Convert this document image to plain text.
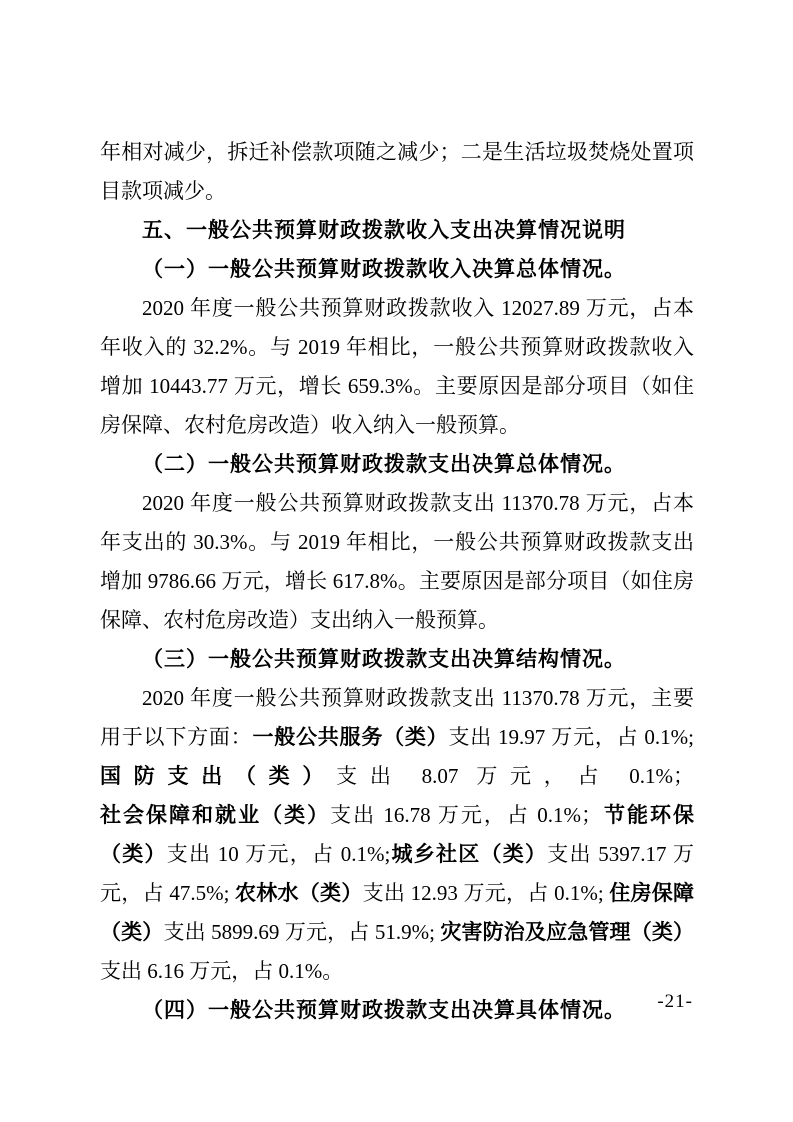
年相对减少，拆迁补偿款项随之减少；二是生活垃圾焚烧处置项目款项减少。

五、一般公共预算财政拨款收入支出决算情况说明

（一）一般公共预算财政拨款收入决算总体情况。

2020 年度一般公共预算财政拨款收入 12027.89 万元，占本年收入的 32.2%。与 2019 年相比，一般公共预算财政拨款收入增加 10443.77 万元，增长 659.3%。主要原因是部分项目（如住房保障、农村危房改造）收入纳入一般预算。

（二）一般公共预算财政拨款支出决算总体情况。

2020 年度一般公共预算财政拨款支出 11370.78 万元，占本年支出的 30.3%。与 2019 年相比，一般公共预算财政拨款支出增加 9786.66 万元，增长 617.8%。主要原因是部分项目（如住房保障、农村危房改造）支出纳入一般预算。

（三）一般公共预算财政拨款支出决算结构情况。

2020 年度一般公共预算财政拨款支出 11370.78 万元，主要用于以下方面：一般公共服务（类）支出 19.97 万元，占 0.1%;国防支出（类）支出 8.07 万元，占 0.1%；社会保障和就业（类）支出 16.78 万元，占 0.1%；节能环保（类）支出 10 万元，占 0.1%;城乡社区（类）支出 5397.17 万元，占 47.5%; 农林水（类）支出 12.93 万元，占 0.1%; 住房保障（类）支出 5899.69 万元，占 51.9%; 灾害防治及应急管理（类）支出 6.16 万元，占 0.1%。

（四）一般公共预算财政拨款支出决算具体情况。	-21-
